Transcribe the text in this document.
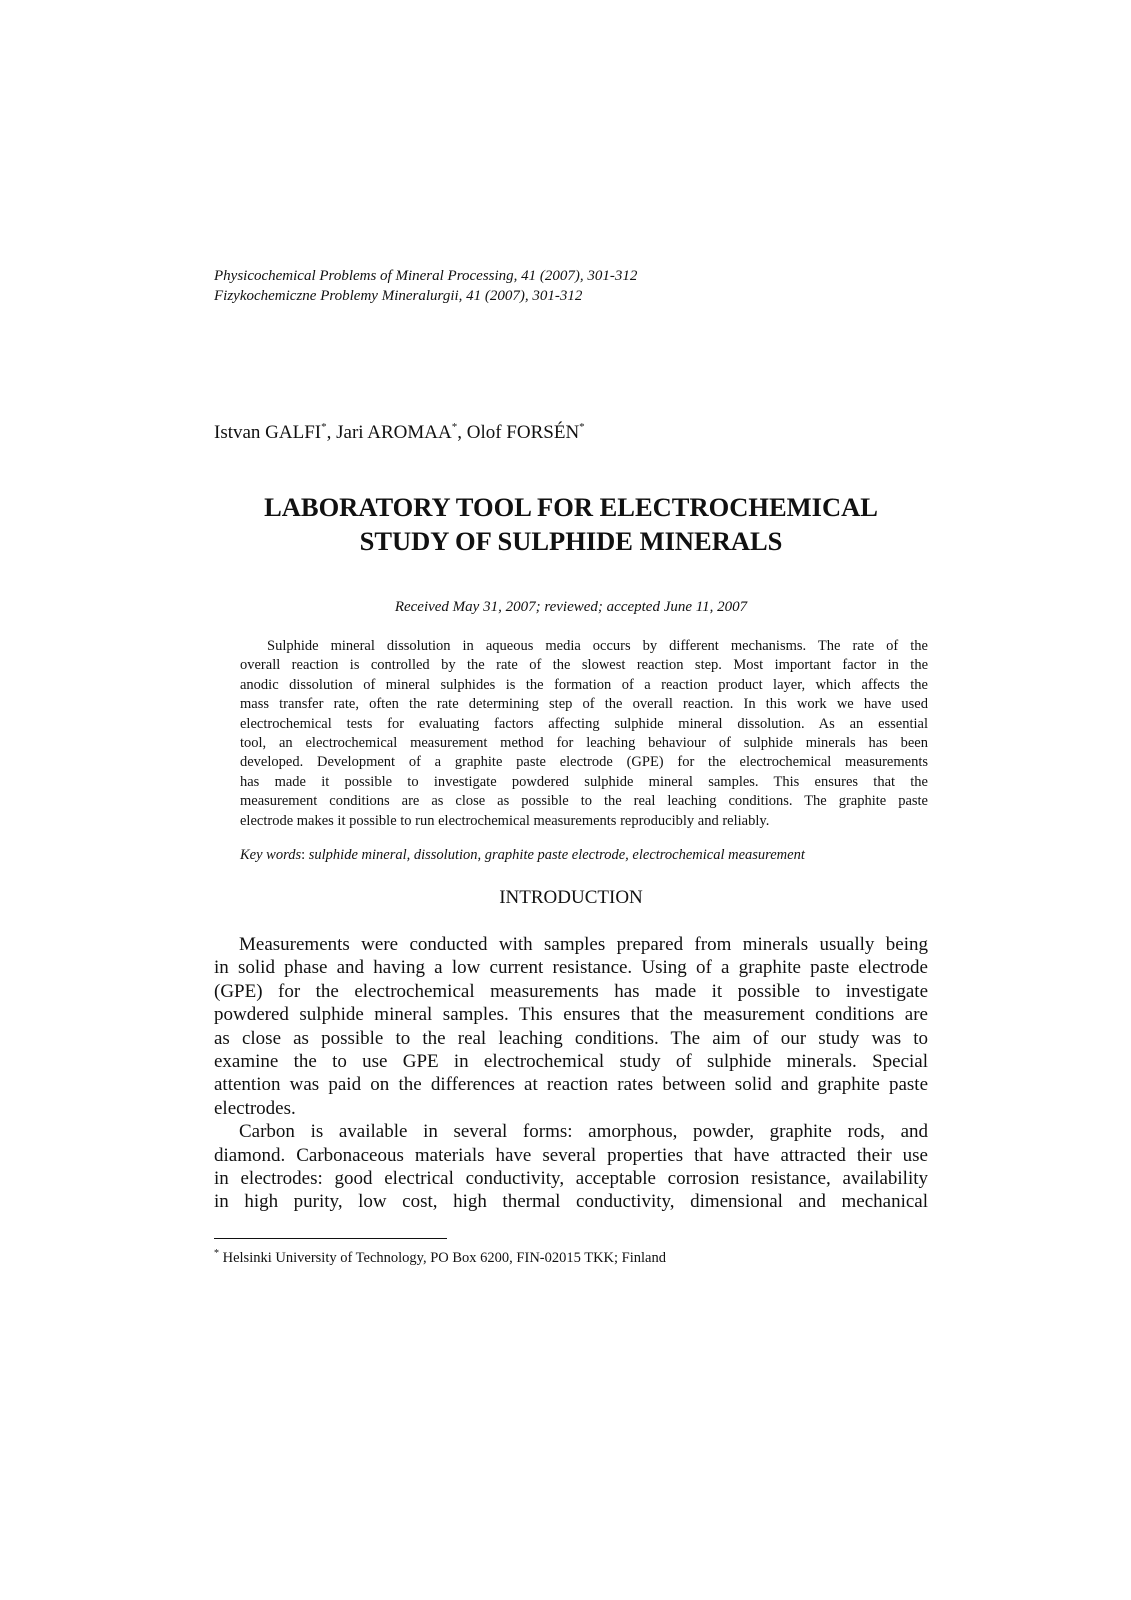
Physicochemical Problems of Mineral Processing, 41 (2007), 301-312
Fizykochemiczne Problemy Mineralurgii, 41 (2007), 301-312
Istvan GALFI*, Jari AROMAA*, Olof FORSÉN*
LABORATORY TOOL FOR ELECTROCHEMICAL
STUDY OF SULPHIDE MINERALS
Received May 31, 2007; reviewed; accepted June 11, 2007
Sulphide mineral dissolution in aqueous media occurs by different mechanisms. The rate of the
overall reaction is controlled by the rate of the slowest reaction step. Most important factor in the
anodic dissolution of mineral sulphides is the formation of a reaction product layer, which affects the
mass transfer rate, often the rate determining step of the overall reaction. In this work we have used
electrochemical tests for evaluating factors affecting sulphide mineral dissolution. As an essential
tool, an electrochemical measurement method for leaching behaviour of sulphide minerals has been
developed. Development of a graphite paste electrode (GPE) for the electrochemical measurements
has made it possible to investigate powdered sulphide mineral samples. This ensures that the
measurement conditions are as close as possible to the real leaching conditions. The graphite paste
electrode makes it possible to run electrochemical measurements reproducibly and reliably.
Key words: sulphide mineral, dissolution, graphite paste electrode, electrochemical measurement
INTRODUCTION
Measurements were conducted with samples prepared from minerals usually being
in solid phase and having a low current resistance. Using of a graphite paste electrode
(GPE) for the electrochemical measurements has made it possible to investigate
powdered sulphide mineral samples. This ensures that the measurement conditions are
as close as possible to the real leaching conditions. The aim of our study was to
examine the to use GPE in electrochemical study of sulphide minerals. Special
attention was paid on the differences at reaction rates between solid and graphite paste
electrodes.
Carbon is available in several forms: amorphous, powder, graphite rods, and
diamond. Carbonaceous materials have several properties that have attracted their use
in electrodes: good electrical conductivity, acceptable corrosion resistance, availability
in high purity, low cost, high thermal conductivity, dimensional and mechanical
* Helsinki University of Technology, PO Box 6200, FIN-02015 TKK; Finland
